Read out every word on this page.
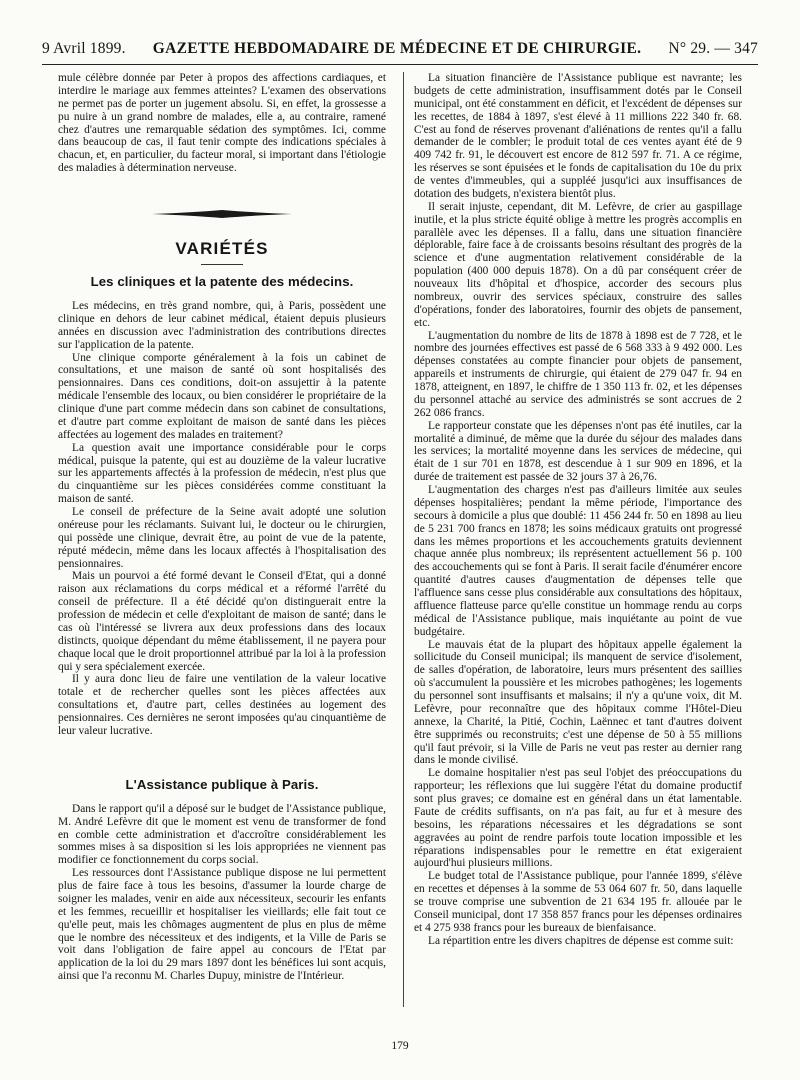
9 Avril 1899. GAZETTE HEBDOMADAIRE DE MÉDECINE ET DE CHIRURGIE. N° 29. — 347

mule célèbre donnée par Peter à propos des affections cardiaques, et interdire le mariage aux femmes atteintes? L'examen des observations ne permet pas de porter un jugement absolu. Si, en effet, la grossesse a pu nuire à un grand nombre de malades, elle a, au contraire, ramené chez d'autres une remarquable sédation des symptômes. Ici, comme dans beaucoup de cas, il faut tenir compte des indications spéciales à chacun, et, en particulier, du facteur moral, si important dans l'étiologie des maladies à détermination nerveuse.

VARIÉTÉS
Les cliniques et la patente des médecins.

Les médecins, en très grand nombre, qui, à Paris, possèdent une clinique en dehors de leur cabinet médical, étaient depuis plusieurs années en discussion avec l'administration des contributions directes sur l'application de la patente.

Une clinique comporte généralement à la fois un cabinet de consultations, et une maison de santé où sont hospitalisés des pensionnaires. Dans ces conditions, doit-on assujettir à la patente médicale l'ensemble des locaux, ou bien considérer le propriétaire de la clinique d'une part comme médecin dans son cabinet de consultations, et d'autre part comme exploitant de maison de santé dans les pièces affectées au logement des malades en traitement?

La question avait une importance considérable pour le corps médical, puisque la patente, qui est au douzième de la valeur lucrative sur les appartements affectés à la profession de médecin, n'est plus que du cinquantième sur les pièces considérées comme constituant la maison de santé.

Le conseil de préfecture de la Seine avait adopté une solution onéreuse pour les réclamants. Suivant lui, le docteur ou le chirurgien, qui possède une clinique, devrait être, au point de vue de la patente, réputé médecin, même dans les locaux affectés à l'hospitalisation des pensionnaires.

Mais un pourvoi a été formé devant le Conseil d'Etat, qui a donné raison aux réclamations du corps médical et a réformé l'arrêté du conseil de préfecture. Il a été décidé qu'on distinguerait entre la profession de médecin et celle d'exploitant de maison de santé; dans le cas où l'intéressé se livrera aux deux professions dans des locaux distincts, quoique dépendant du même établissement, il ne payera pour chaque local que le droit proportionnel attribué par la loi à la profession qui y sera spécialement exercée.

Il y aura donc lieu de faire une ventilation de la valeur locative totale et de rechercher quelles sont les pièces affectées aux consultations et, d'autre part, celles destinées au logement des pensionnaires. Ces dernières ne seront imposées qu'au cinquantième de leur valeur lucrative.

L'Assistance publique à Paris.

Dans le rapport qu'il a déposé sur le budget de l'Assistance publique, M. André Lefèvre dit que le moment est venu de transformer de fond en comble cette administration et d'accroître considérablement les sommes mises à sa disposition si les lois appropriées ne viennent pas modifier ce fonctionnement du corps social.

Les ressources dont l'Assistance publique dispose ne lui permettent plus de faire face à tous les besoins, d'assumer la lourde charge de soigner les malades, venir en aide aux nécessiteux, secourir les enfants et les femmes, recueillir et hospitaliser les vieillards; elle fait tout ce qu'elle peut, mais les chômages augmentent de plus en plus de même que le nombre des nécessiteux et des indigents, et la Ville de Paris se voit dans l'obligation de faire appel au concours de l'Etat par application de la loi du 29 mars 1897 dont les bénéfices lui sont acquis, ainsi que l'a reconnu M. Charles Dupuy, ministre de l'Intérieur.

La situation financière de l'Assistance publique est navrante; les budgets de cette administration, insuffisamment dotés par le Conseil municipal, ont été constamment en déficit, et l'excédent de dépenses sur les recettes, de 1884 à 1897, s'est élevé à 11 millions 222 340 fr. 68. C'est au fond de réserves provenant d'aliénations de rentes qu'il a fallu demander de le combler; le produit total de ces ventes ayant été de 9 409 742 fr. 91, le découvert est encore de 812 597 fr. 71. A ce régime, les réserves se sont épuisées et le fonds de capitalisation du 10e du prix de ventes d'immeubles, qui a suppléé jusqu'ici aux insuffisances de dotation des budgets, n'existera bientôt plus.

Il serait injuste, cependant, dit M. Lefèvre, de crier au gaspillage inutile, et la plus stricte équité oblige à mettre les progrès accomplis en parallèle avec les dépenses. Il a fallu, dans une situation financière déplorable, faire face à de croissants besoins résultant des progrès de la science et d'une augmentation relativement considérable de la population (400 000 depuis 1878). On a dû par conséquent créer de nouveaux lits d'hôpital et d'hospice, accorder des secours plus nombreux, ouvrir des services spéciaux, construire des salles d'opérations, fonder des laboratoires, fournir des objets de pansement, etc.

L'augmentation du nombre de lits de 1878 à 1898 est de 7 728, et le nombre des journées effectives est passé de 6 568 333 à 9 492 000. Les dépenses constatées au compte financier pour objets de pansement, appareils et instruments de chirurgie, qui étaient de 279 047 fr. 94 en 1878, atteignent, en 1897, le chiffre de 1 350 113 fr. 02, et les dépenses du personnel attaché au service des administrés se sont accrues de 2 262 086 francs.

Le rapporteur constate que les dépenses n'ont pas été inutiles, car la mortalité a diminué, de même que la durée du séjour des malades dans les services; la mortalité moyenne dans les services de médecine, qui était de 1 sur 701 en 1878, est descendue à 1 sur 909 en 1896, et la durée de traitement est passée de 32 jours 37 à 26,76.

L'augmentation des charges n'est pas d'ailleurs limitée aux seules dépenses hospitalières; pendant la même période, l'importance des secours à domicile a plus que doublé: 11 456 244 fr. 50 en 1898 au lieu de 5 231 700 francs en 1878; les soins médicaux gratuits ont progressé dans les mêmes proportions et les accouchements gratuits deviennent chaque année plus nombreux; ils représentent actuellement 56 p. 100 des accouchements qui se font à Paris. Il serait facile d'énumérer encore quantité d'autres causes d'augmentation de dépenses telle que l'affluence sans cesse plus considérable aux consultations des hôpitaux, affluence flatteuse parce qu'elle constitue un hommage rendu au corps médical de l'Assistance publique, mais inquiétante au point de vue budgétaire.

Le mauvais état de la plupart des hôpitaux appelle également la sollicitude du Conseil municipal; ils manquent de service d'isolement, de salles d'opération, de laboratoire, leurs murs présentent des saillies où s'accumulent la poussière et les microbes pathogènes; les logements du personnel sont insuffisants et malsains; il n'y a qu'une voix, dit M. Lefèvre, pour reconnaître que des hôpitaux comme l'Hôtel-Dieu annexe, la Charité, la Pitié, Cochin, Laënnec et tant d'autres doivent être supprimés ou reconstruits; c'est une dépense de 50 à 55 millions qu'il faut prévoir, si la Ville de Paris ne veut pas rester au dernier rang dans le monde civilisé.

Le domaine hospitalier n'est pas seul l'objet des préoccupations du rapporteur; les réflexions que lui suggère l'état du domaine productif sont plus graves; ce domaine est en général dans un état lamentable. Faute de crédits suffisants, on n'a pas fait, au fur et à mesure des besoins, les réparations nécessaires et les dégradations se sont aggravées au point de rendre parfois toute location impossible et les réparations indispensables pour le remettre en état exigeraient aujourd'hui plusieurs millions.

Le budget total de l'Assistance publique, pour l'année 1899, s'élève en recettes et dépenses à la somme de 53 064 607 fr. 50, dans laquelle se trouve comprise une subvention de 21 634 195 fr. allouée par le Conseil municipal, dont 17 358 857 francs pour les dépenses ordinaires et 4 275 938 francs pour les bureaux de bienfaisance.

La répartition entre les divers chapitres de dépense est comme suit:

179
